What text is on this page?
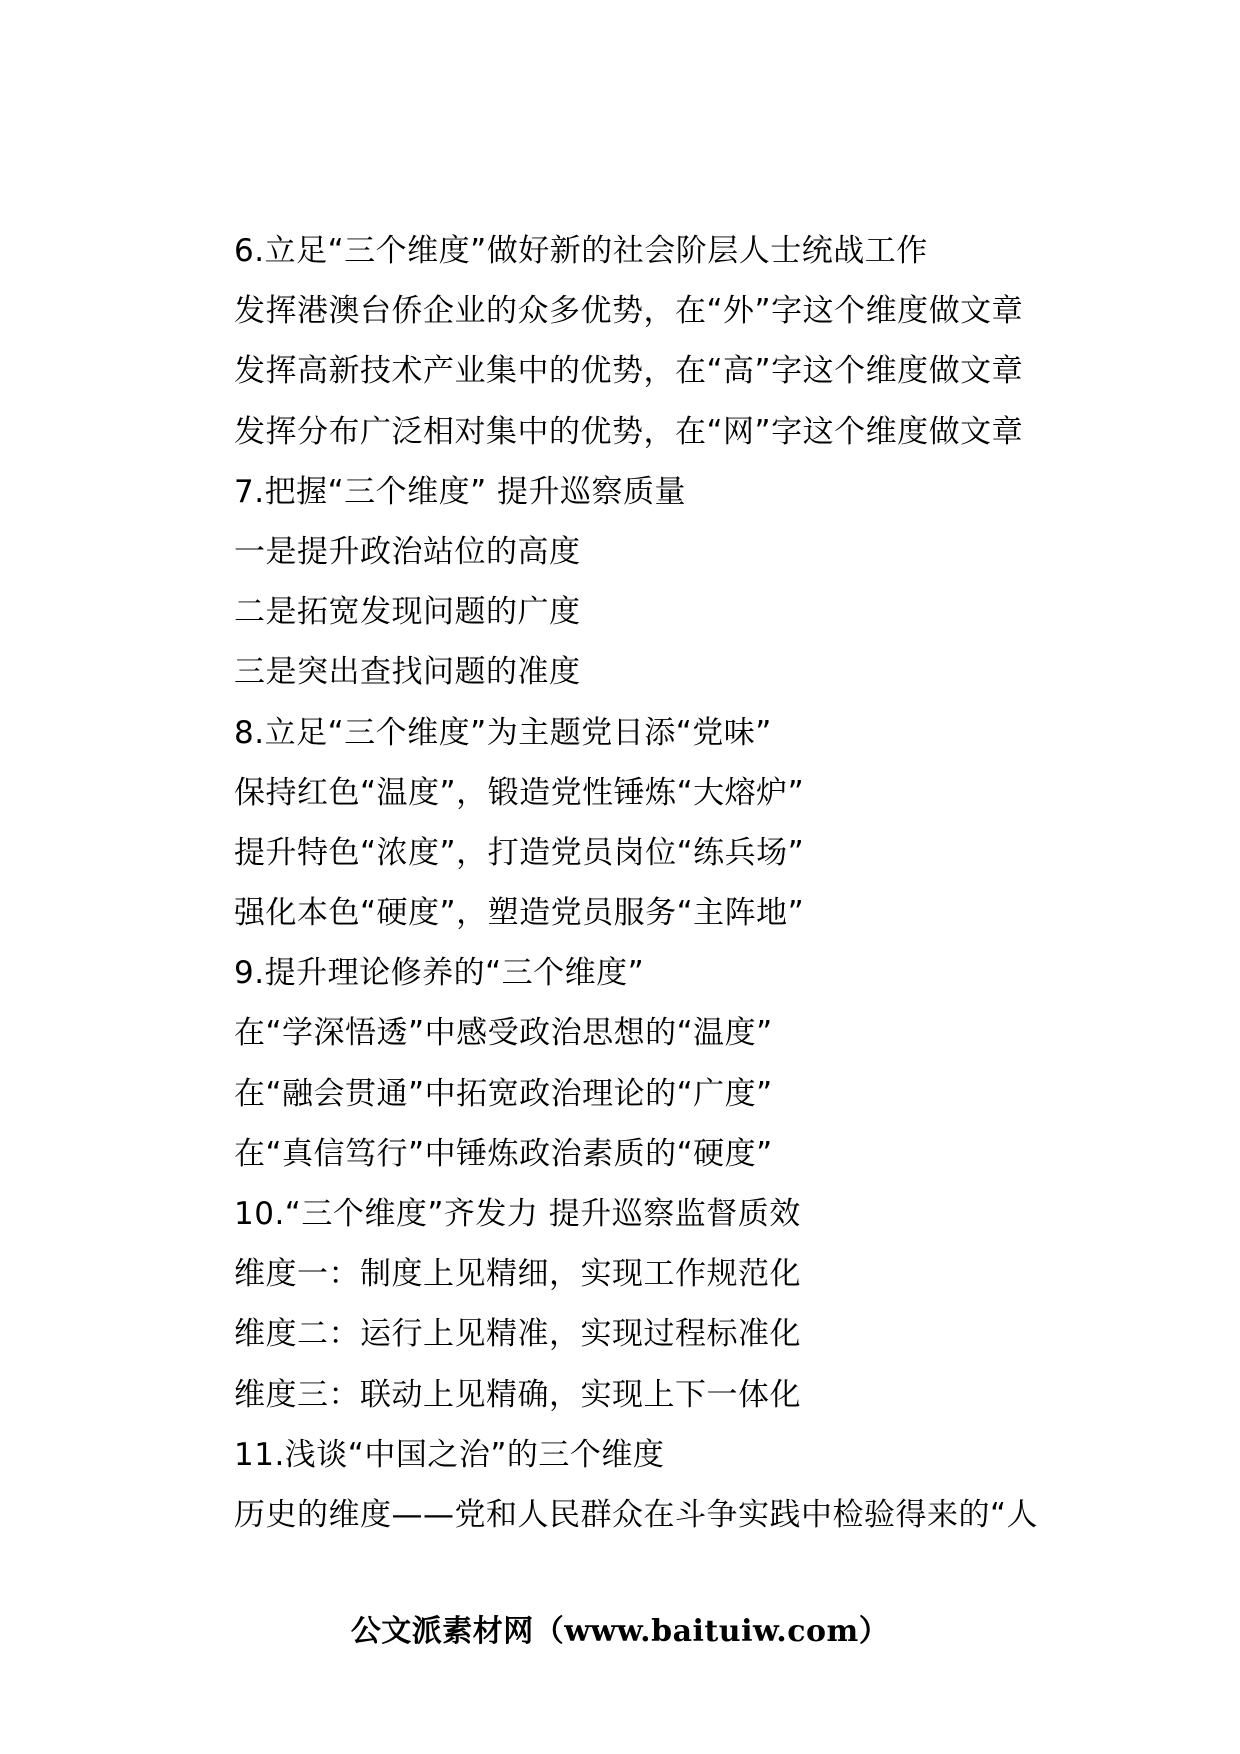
6.立足“三个维度”做好新的社会阶层人士统战工作
发挥港澳台侨企业的众多优势，在“外”字这个维度做文章
发挥高新技术产业集中的优势，在“高”字这个维度做文章
发挥分布广泛相对集中的优势，在“网”字这个维度做文章
7.把握“三个维度” 提升巡察质量
一是提升政治站位的高度
二是拓宽发现问题的广度
三是突出查找问题的准度
8.立足“三个维度”为主题党日添“党味”
保持红色“温度”，锻造党性锤炼“大熔炉”
提升特色“浓度”，打造党员岗位“练兵场”
强化本色“硬度”，塑造党员服务“主阵地”
9.提升理论修养的“三个维度”
在“学深悟透”中感受政治思想的“温度”
在“融会贯通”中拓宽政治理论的“广度”
在“真信笃行”中锤炼政治素质的“硬度”
10.“三个维度”齐发力 提升巡察监督质效
维度一：制度上见精细，实现工作规范化
维度二：运行上见精准，实现过程标准化
维度三：联动上见精确，实现上下一体化
11.浅谈“中国之治”的三个维度
历史的维度——党和人民群众在斗争实践中检验得来的“人
公文派素材网（www.baituiw.com）
